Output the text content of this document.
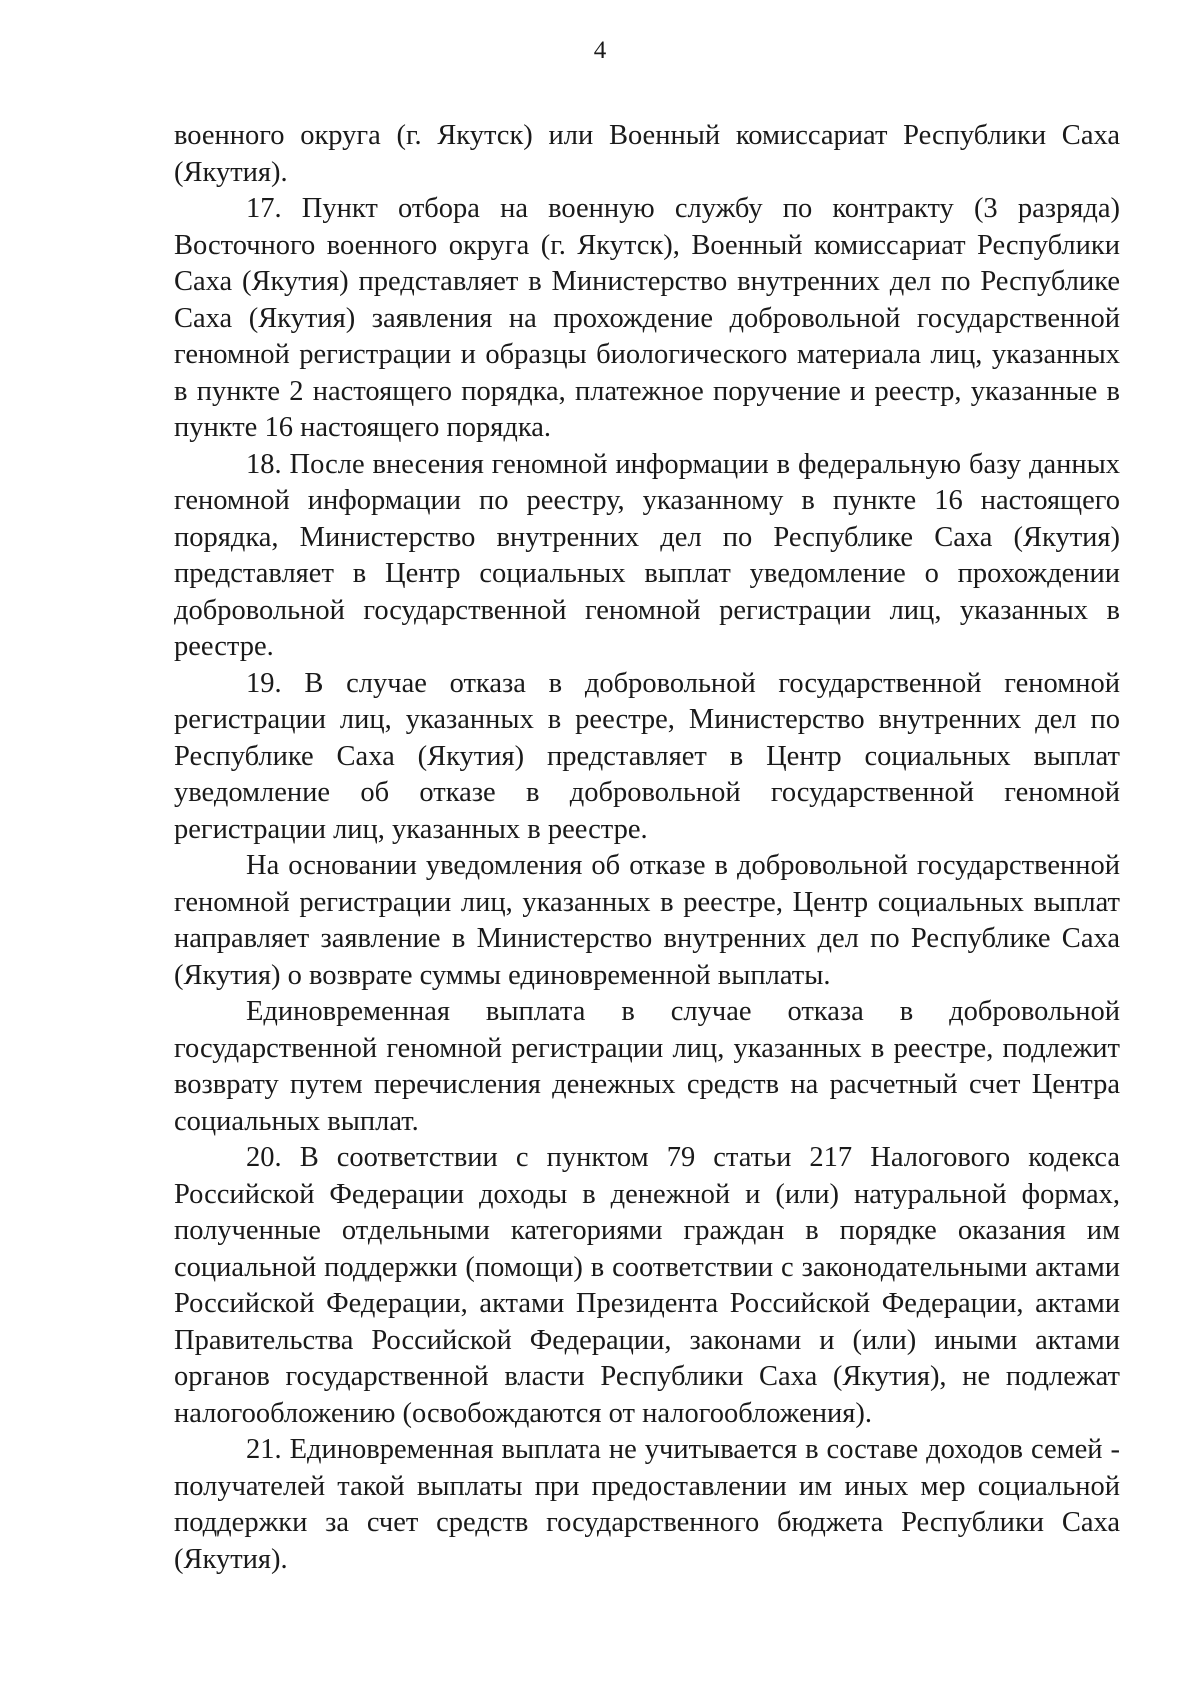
4

военного округа (г. Якутск) или Военный комиссариат Республики Саха (Якутия).

17. Пункт отбора на военную службу по контракту (3 разряда) Восточного военного округа (г. Якутск), Военный комиссариат Республики Саха (Якутия) представляет в Министерство внутренних дел по Республике Саха (Якутия) заявления на прохождение добровольной государственной геномной регистрации и образцы биологического материала лиц, указанных в пункте 2 настоящего порядка, платежное поручение и реестр, указанные в пункте 16 настоящего порядка.

18. После внесения геномной информации в федеральную базу данных геномной информации по реестру, указанному в пункте 16 настоящего порядка, Министерство внутренних дел по Республике Саха (Якутия) представляет в Центр социальных выплат уведомление о прохождении добровольной государственной геномной регистрации лиц, указанных в реестре.

19. В случае отказа в добровольной государственной геномной регистрации лиц, указанных в реестре, Министерство внутренних дел по Республике Саха (Якутия) представляет в Центр социальных выплат уведомление об отказе в добровольной государственной геномной регистрации лиц, указанных в реестре.

На основании уведомления об отказе в добровольной государственной геномной регистрации лиц, указанных в реестре, Центр социальных выплат направляет заявление в Министерство внутренних дел по Республике Саха (Якутия) о возврате суммы единовременной выплаты.

Единовременная выплата в случае отказа в добровольной государственной геномной регистрации лиц, указанных в реестре, подлежит возврату путем перечисления денежных средств на расчетный счет Центра социальных выплат.

20. В соответствии с пунктом 79 статьи 217 Налогового кодекса Российской Федерации доходы в денежной и (или) натуральной формах, полученные отдельными категориями граждан в порядке оказания им социальной поддержки (помощи) в соответствии с законодательными актами Российской Федерации, актами Президента Российской Федерации, актами Правительства Российской Федерации, законами и (или) иными актами органов государственной власти Республики Саха (Якутия), не подлежат налогообложению (освобождаются от налогообложения).

21. Единовременная выплата не учитывается в составе доходов семей - получателей такой выплаты при предоставлении им иных мер социальной поддержки за счет средств государственного бюджета Республики Саха (Якутия).
